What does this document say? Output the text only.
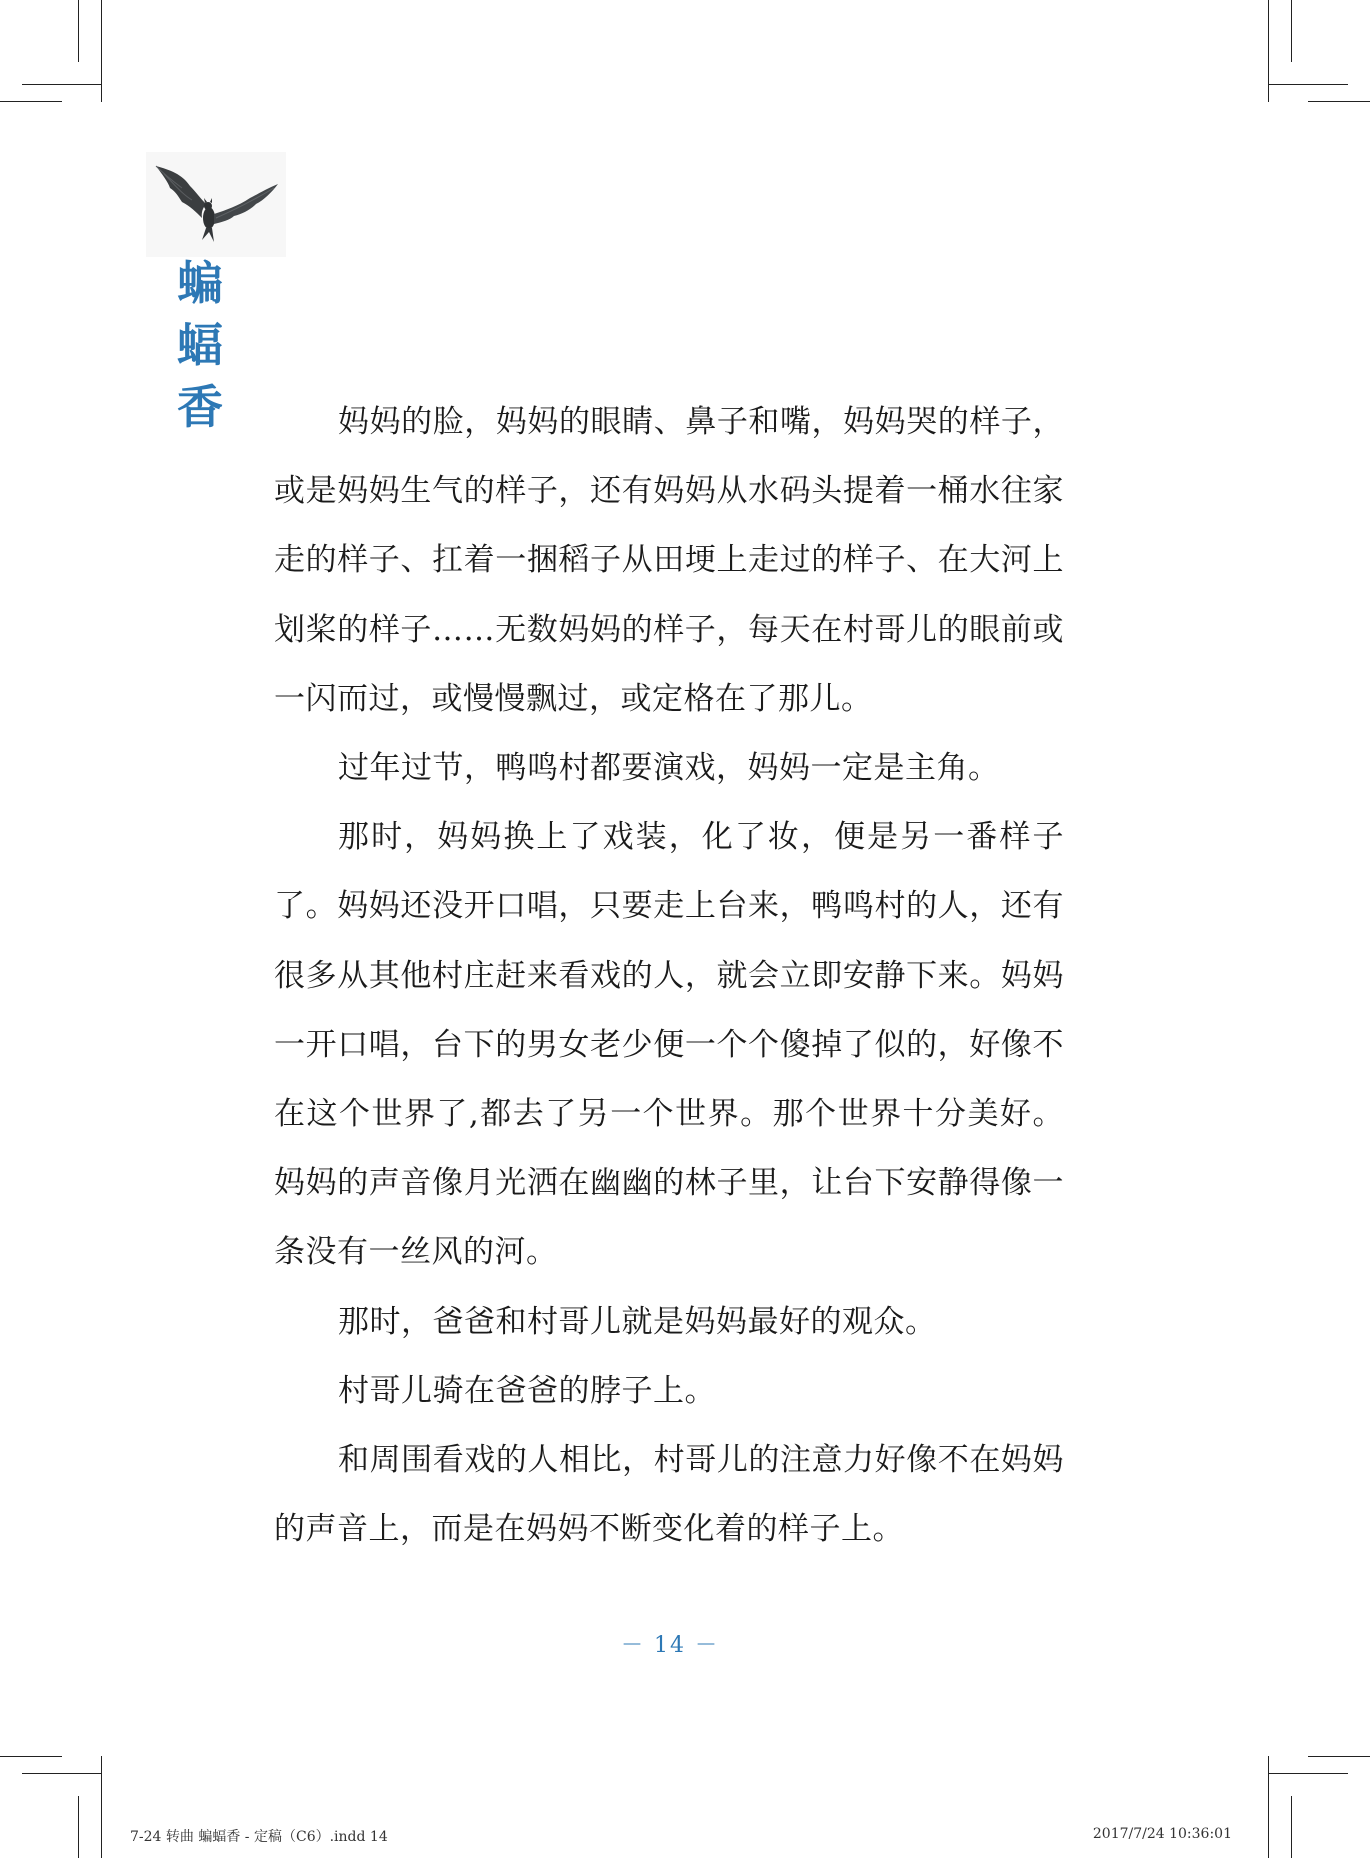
蝙
蝠
香	妈妈的脸，妈妈的眼睛、鼻子和嘴，妈妈哭的样子，或是妈妈生气的样子，还有妈妈从水码头提着一桶水往家走的样子、扛着一捆稻子从田埂上走过的样子、在大河上划桨的样子……无数妈妈的样子，每天在村哥儿的眼前或一闪而过，或慢慢飘过，或定格在了那儿。

过年过节，鸭鸣村都要演戏，妈妈一定是主角。

那时，妈妈换上了戏装，化了妆，便是另一番样子了。妈妈还没开口唱，只要走上台来，鸭鸣村的人，还有很多从其他村庄赶来看戏的人，就会立即安静下来。妈妈一开口唱，台下的男女老少便一个个傻掉了似的，好像不在这个世界了,都去了另一个世界。那个世界十分美好。妈妈的声音像月光洒在幽幽的林子里，让台下安静得像一条没有一丝风的河。

那时，爸爸和村哥儿就是妈妈最好的观众。

村哥儿骑在爸爸的脖子上。

和周围看戏的人相比，村哥儿的注意力好像不在妈妈的声音上，而是在妈妈不断变化着的样子上。

－ 14 －
7-24 转曲 蝙蝠香 - 定稿（C6）.indd 14	2017/7/24 10:36:01
